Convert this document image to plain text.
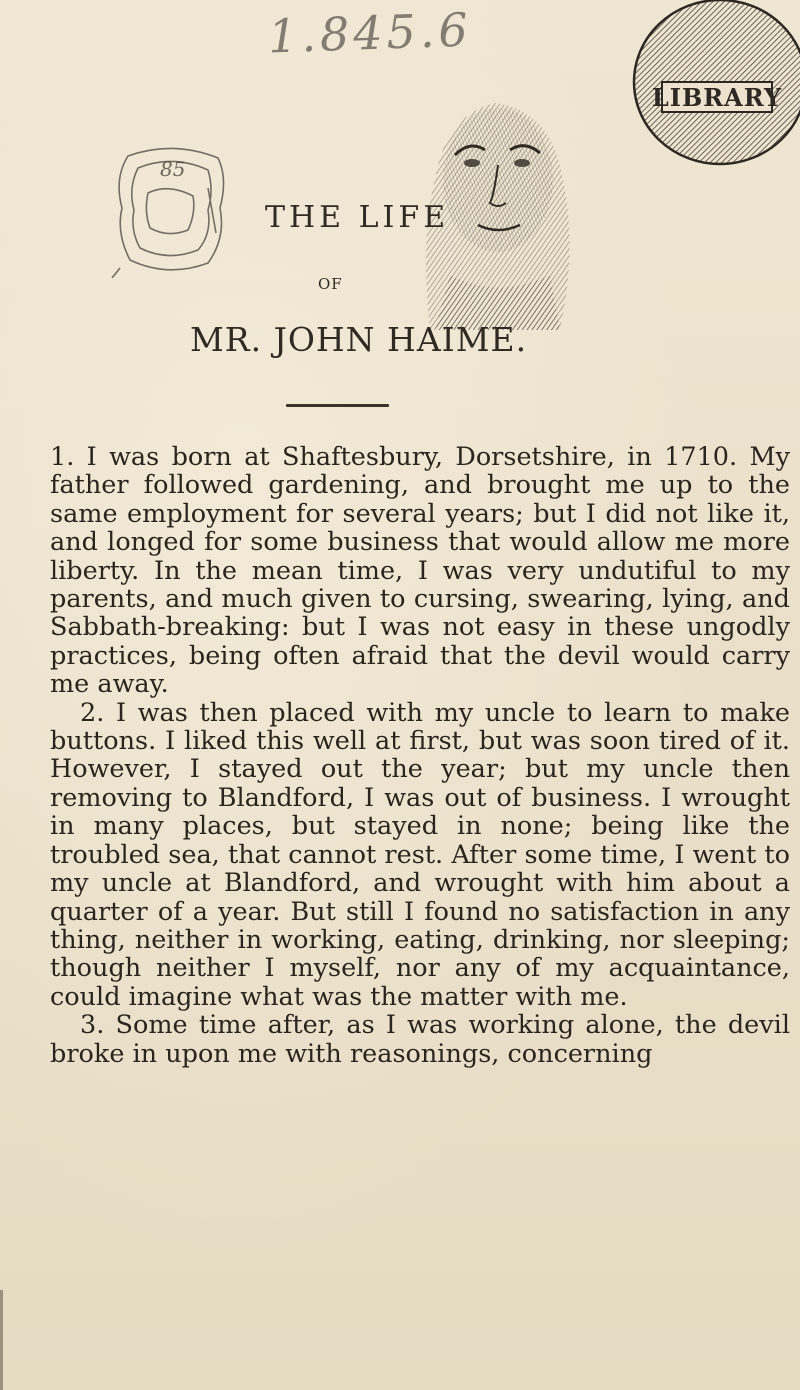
1.845.6
85
LIBRARY
THE LIFE
OF
MR. JOHN HAIME.

1. I was born at Shaftesbury, Dorsetshire, in 1710. My father followed gardening, and brought me up to the same employment for several years; but I did not like it, and longed for some business that would allow me more liberty. In the mean time, I was very undutiful to my parents, and much given to cursing, swearing, lying, and Sabbath-breaking: but I was not easy in these ungodly practices, being often afraid that the devil would carry me away.

2. I was then placed with my uncle to learn to make buttons. I liked this well at first, but was soon tired of it. However, I stayed out the year; but my uncle then removing to Blandford, I was out of business. I wrought in many places, but stayed in none; being like the troubled sea, that cannot rest. After some time, I went to my uncle at Blandford, and wrought with him about a quarter of a year. But still I found no satisfaction in any thing, neither in working, eating, drinking, nor sleeping; though neither I myself, nor any of my acquaintance, could imagine what was the matter with me.

3. Some time after, as I was working alone, the devil broke in upon me with reasonings, concerning
